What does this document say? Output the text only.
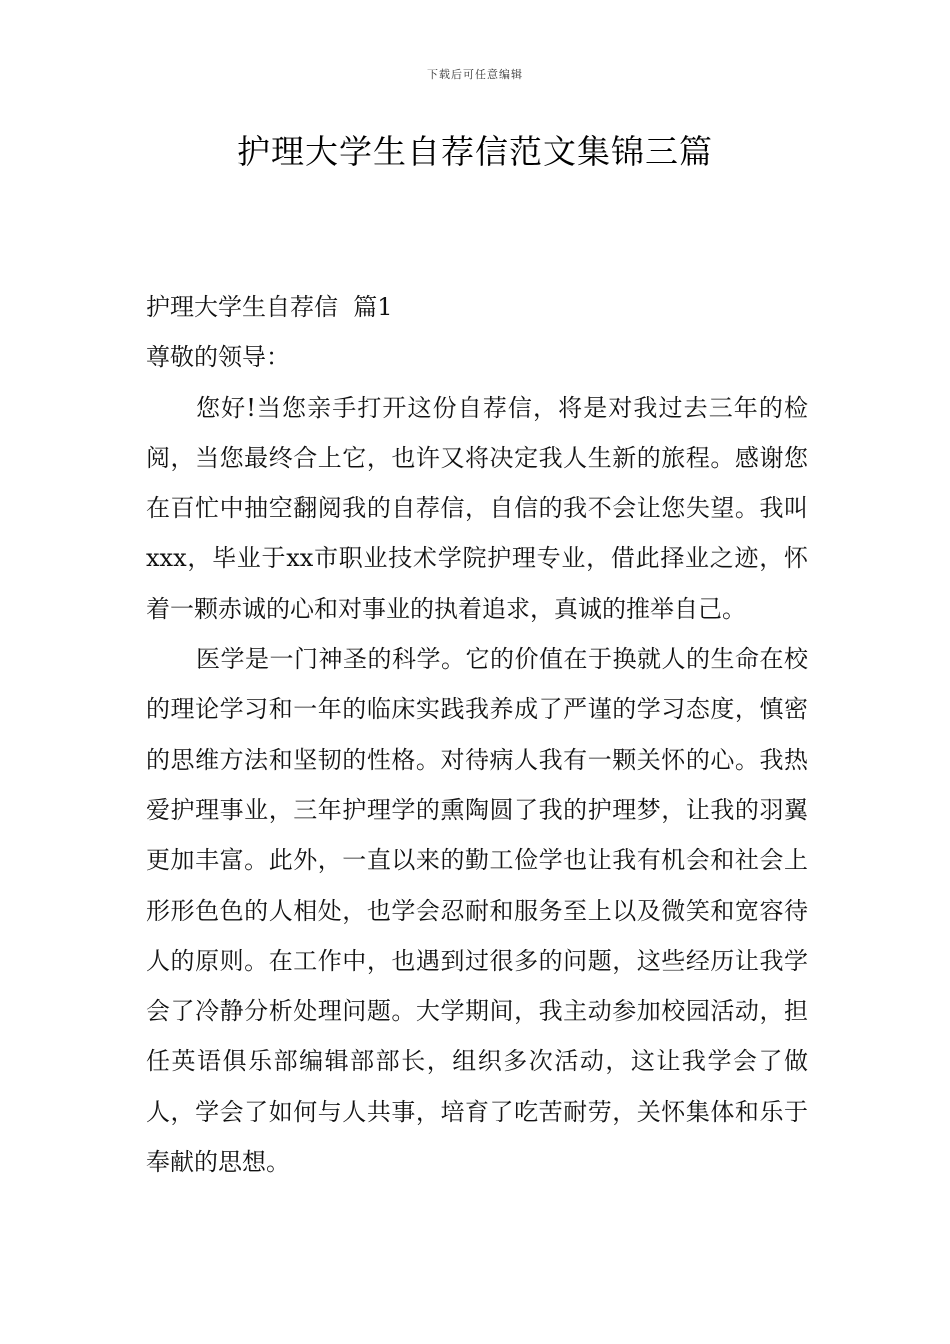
下载后可任意编辑
护理大学生自荐信范文集锦三篇

护理大学生自荐信  篇1

尊敬的领导：

您好!当您亲手打开这份自荐信，将是对我过去三年的检阅，当您最终合上它，也许又将决定我人生新的旅程。感谢您在百忙中抽空翻阅我的自荐信，自信的我不会让您失望。我叫xxx，毕业于xx市职业技术学院护理专业，借此择业之迹，怀着一颗赤诚的心和对事业的执着追求，真诚的推举自己。

医学是一门神圣的科学。它的价值在于换就人的生命在校的理论学习和一年的临床实践我养成了严谨的学习态度，慎密的思维方法和坚韧的性格。对待病人我有一颗关怀的心。我热爱护理事业，三年护理学的熏陶圆了我的护理梦，让我的羽翼更加丰富。此外，一直以来的勤工俭学也让我有机会和社会上形形色色的人相处，也学会忍耐和服务至上以及微笑和宽容待人的原则。在工作中，也遇到过很多的问题，这些经历让我学会了冷静分析处理问题。大学期间，我主动参加校园活动，担任英语俱乐部编辑部部长，组织多次活动，这让我学会了做人，学会了如何与人共事，培育了吃苦耐劳，关怀集体和乐于奉献的思想。
